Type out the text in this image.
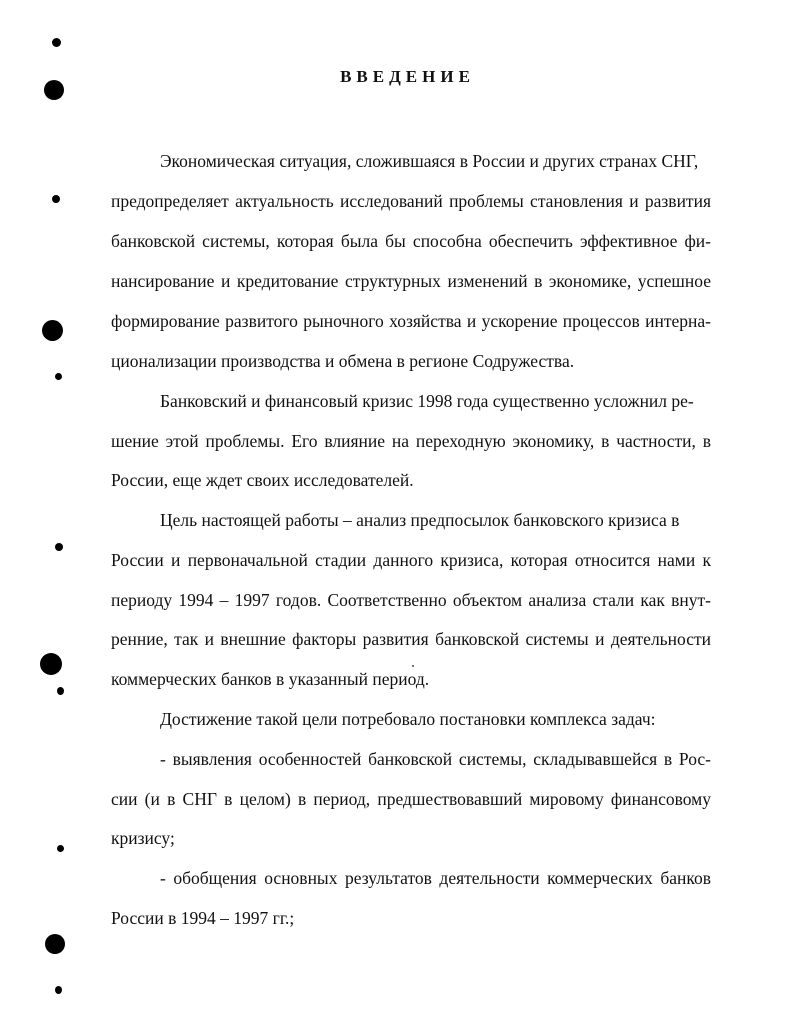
ВВЕДЕНИЕ
Экономическая ситуация, сложившаяся в России и других странах СНГ,
предопределяет актуальность исследований проблемы становления и развития
банковской системы, которая была бы способна обеспечить эффективное фи-
нансирование и кредитование структурных изменений в экономике, успешное
формирование развитого рыночного хозяйства и ускорение процессов интерна-
ционализации производства и обмена в регионе Содружества.
Банковский и финансовый кризис 1998 года существенно усложнил ре-
шение этой проблемы. Его влияние на переходную экономику, в частности, в
России, еще ждет своих исследователей.
Цель настоящей работы – анализ предпосылок банковского кризиса в
России и первоначальной стадии данного кризиса, которая относится нами к
периоду 1994 – 1997 годов. Соответственно объектом анализа стали как внут-
ренние, так и внешние факторы развития банковской системы и деятельности
коммерческих банков в указанный период.
Достижение такой цели потребовало постановки комплекса задач:
- выявления особенностей банковской системы, складывавшейся в Рос-
сии (и в СНГ в целом) в период, предшествовавший мировому финансовому
кризису;
- обобщения основных результатов деятельности коммерческих банков
России в 1994 – 1997 гг.;
